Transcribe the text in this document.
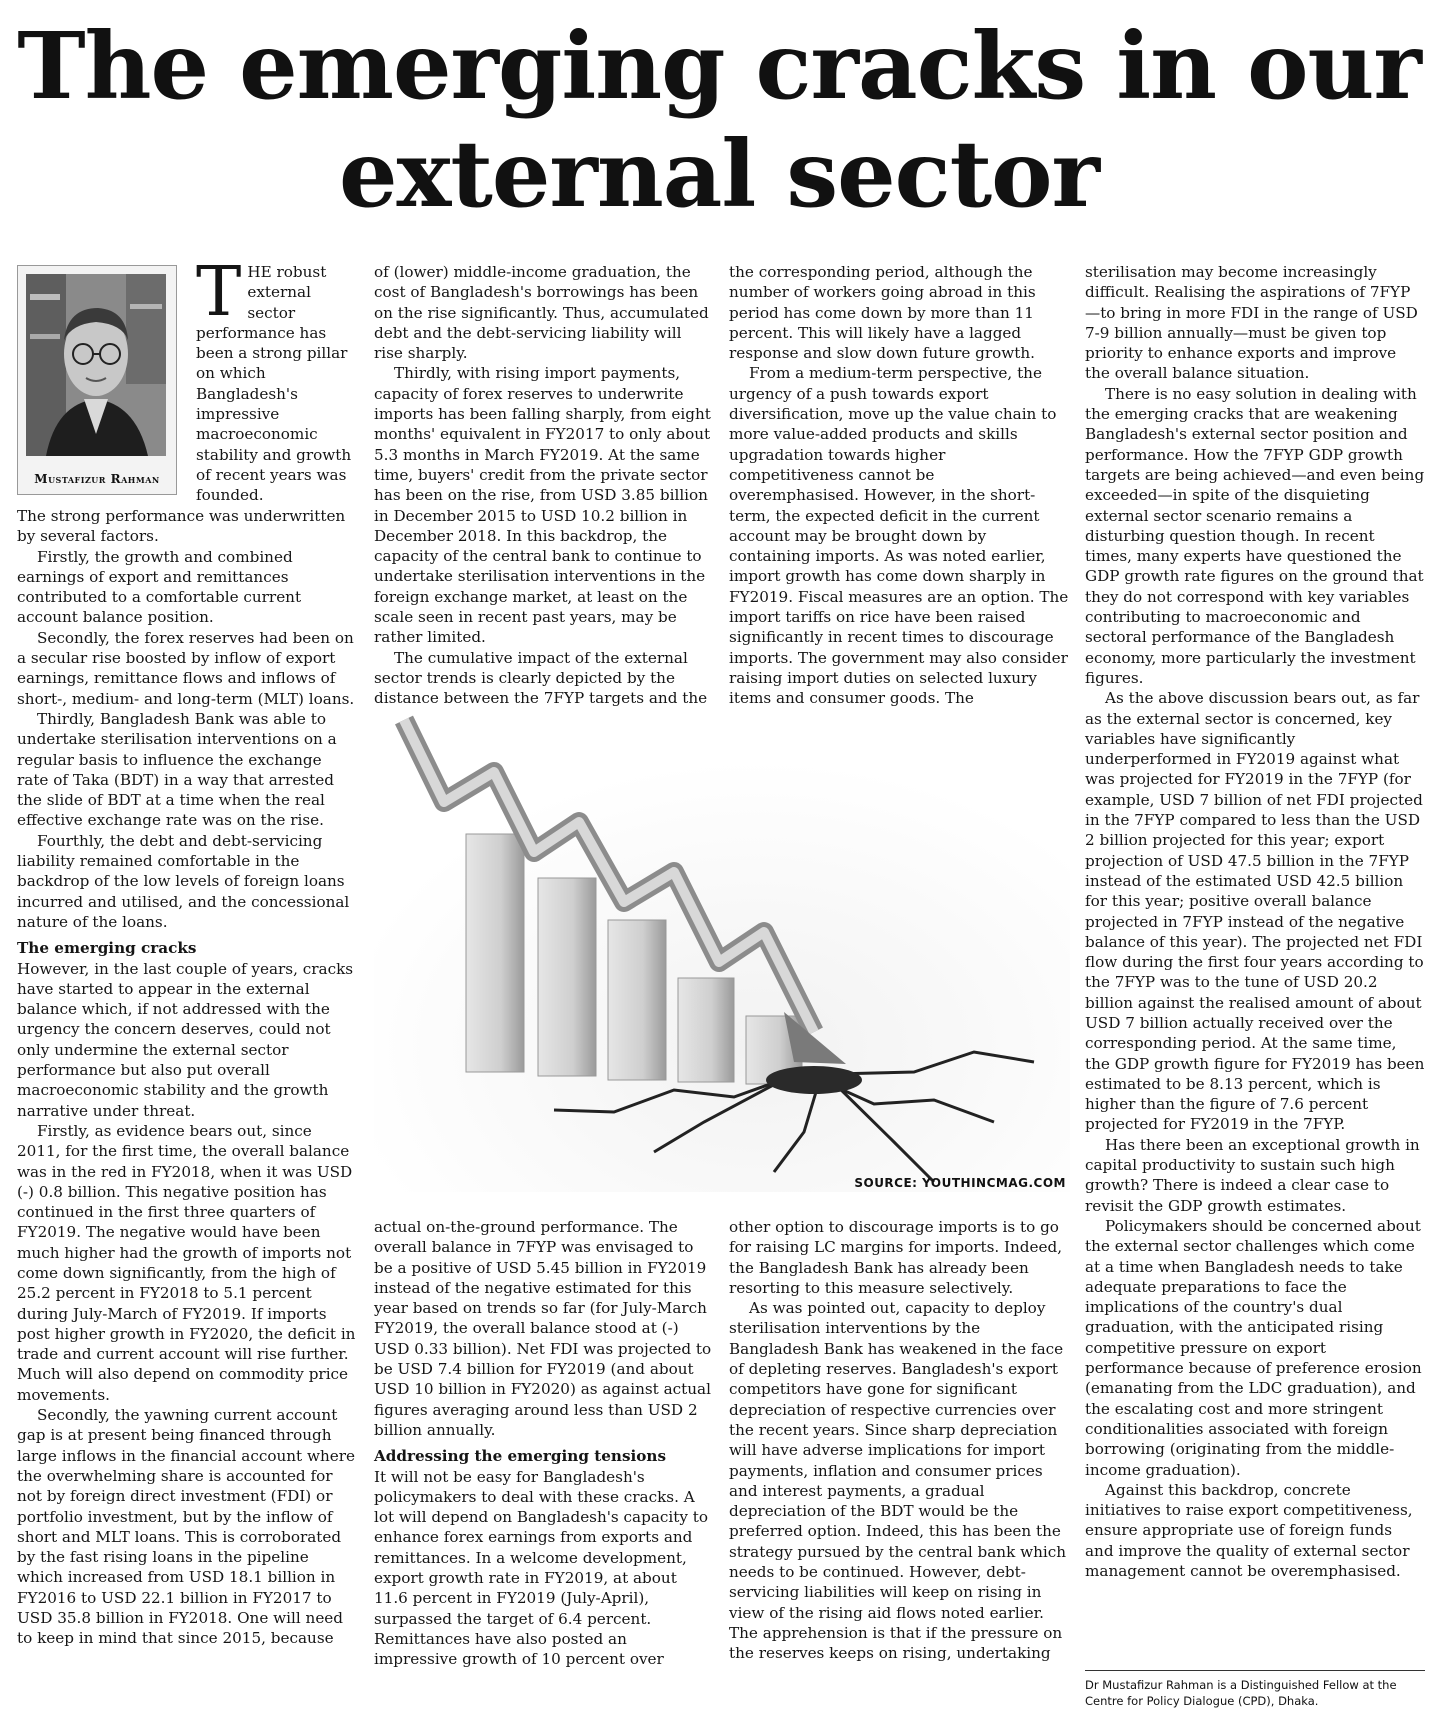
The emerging cracks in our
external sector
Mustafizur Rahman
THE robust external sector performance has been a strong pillar on which Bangladesh's impressive macroeconomic stability and growth of recent years was founded.

The strong performance was underwritten by several factors.

Firstly, the growth and combined earnings of export and remittances contributed to a comfortable current account balance position.

Secondly, the forex reserves had been on a secular rise boosted by inflow of export earnings, remittance flows and inflows of short-, medium- and long-term (MLT) loans.

Thirdly, Bangladesh Bank was able to undertake sterilisation interventions on a regular basis to influence the exchange rate of Taka (BDT) in a way that arrested the slide of BDT at a time when the real effective exchange rate was on the rise.

Fourthly, the debt and debt-servicing liability remained comfortable in the backdrop of the low levels of foreign loans incurred and utilised, and the concessional nature of the loans.

The emerging cracks

However, in the last couple of years, cracks have started to appear in the external balance which, if not addressed with the urgency the concern deserves, could not only undermine the external sector performance but also put overall macroeconomic stability and the growth narrative under threat.

Firstly, as evidence bears out, since 2011, for the first time, the overall balance was in the red in FY2018, when it was USD (-) 0.8 billion. This negative position has continued in the first three quarters of FY2019. The negative would have been much higher had the growth of imports not come down significantly, from the high of 25.2 percent in FY2018 to 5.1 percent during July-March of FY2019. If imports post higher growth in FY2020, the deficit in trade and current account will rise further. Much will also depend on commodity price movements.

Secondly, the yawning current account gap is at present being financed through large inflows in the financial account where the overwhelming share is accounted for not by foreign direct investment (FDI) or portfolio investment, but by the inflow of short and MLT loans. This is corroborated by the fast rising loans in the pipeline which increased from USD 18.1 billion in FY2016 to USD 22.1 billion in FY2017 to USD 35.8 billion in FY2018. One will need to keep in mind that since 2015, because

of (lower) middle-income graduation, the cost of Bangladesh's borrowings has been on the rise significantly. Thus, accumulated debt and the debt-servicing liability will rise sharply.

Thirdly, with rising import payments, capacity of forex reserves to underwrite imports has been falling sharply, from eight months' equivalent in FY2017 to only about 5.3 months in March FY2019. At the same time, buyers' credit from the private sector has been on the rise, from USD 3.85 billion in December 2015 to USD 10.2 billion in December 2018. In this backdrop, the capacity of the central bank to continue to undertake sterilisation interventions in the foreign exchange market, at least on the scale seen in recent past years, may be rather limited.

The cumulative impact of the external sector trends is clearly depicted by the distance between the 7FYP targets and the

the corresponding period, although the number of workers going abroad in this period has come down by more than 11 percent. This will likely have a lagged response and slow down future growth.

From a medium-term perspective, the urgency of a push towards export diversification, move up the value chain to more value-added products and skills upgradation towards higher competitiveness cannot be overemphasised. However, in the short-term, the expected deficit in the current account may be brought down by containing imports. As was noted earlier, import growth has come down sharply in FY2019. Fiscal measures are an option. The import tariffs on rice have been raised significantly in recent times to discourage imports. The government may also consider raising import duties on selected luxury items and consumer goods. The

SOURCE: YOUTHINCMAG.COM

actual on-the-ground performance. The overall balance in 7FYP was envisaged to be a positive of USD 5.45 billion in FY2019 instead of the negative estimated for this year based on trends so far (for July-March FY2019, the overall balance stood at (-) USD 0.33 billion). Net FDI was projected to be USD 7.4 billion for FY2019 (and about USD 10 billion in FY2020) as against actual figures averaging around less than USD 2 billion annually.

Addressing the emerging tensions

It will not be easy for Bangladesh's policymakers to deal with these cracks. A lot will depend on Bangladesh's capacity to enhance forex earnings from exports and remittances. In a welcome development, export growth rate in FY2019, at about 11.6 percent in FY2019 (July-April), surpassed the target of 6.4 percent. Remittances have also posted an impressive growth of 10 percent over

other option to discourage imports is to go for raising LC margins for imports. Indeed, the Bangladesh Bank has already been resorting to this measure selectively.

As was pointed out, capacity to deploy sterilisation interventions by the Bangladesh Bank has weakened in the face of depleting reserves. Bangladesh's export competitors have gone for significant depreciation of respective currencies over the recent years. Since sharp depreciation will have adverse implications for import payments, inflation and consumer prices and interest payments, a gradual depreciation of the BDT would be the preferred option. Indeed, this has been the strategy pursued by the central bank which needs to be continued. However, debt-servicing liabilities will keep on rising in view of the rising aid flows noted earlier. The apprehension is that if the pressure on the reserves keeps on rising, undertaking

sterilisation may become increasingly difficult. Realising the aspirations of 7FYP—to bring in more FDI in the range of USD 7-9 billion annually—must be given top priority to enhance exports and improve the overall balance situation.

There is no easy solution in dealing with the emerging cracks that are weakening Bangladesh's external sector position and performance. How the 7FYP GDP growth targets are being achieved—and even being exceeded—in spite of the disquieting external sector scenario remains a disturbing question though. In recent times, many experts have questioned the GDP growth rate figures on the ground that they do not correspond with key variables contributing to macroeconomic and sectoral performance of the Bangladesh economy, more particularly the investment figures.

As the above discussion bears out, as far as the external sector is concerned, key variables have significantly underperformed in FY2019 against what was projected for FY2019 in the 7FYP (for example, USD 7 billion of net FDI projected in the 7FYP compared to less than the USD 2 billion projected for this year; export projection of USD 47.5 billion in the 7FYP instead of the estimated USD 42.5 billion for this year; positive overall balance projected in 7FYP instead of the negative balance of this year). The projected net FDI flow during the first four years according to the 7FYP was to the tune of USD 20.2 billion against the realised amount of about USD 7 billion actually received over the corresponding period. At the same time, the GDP growth figure for FY2019 has been estimated to be 8.13 percent, which is higher than the figure of 7.6 percent projected for FY2019 in the 7FYP.

Has there been an exceptional growth in capital productivity to sustain such high growth? There is indeed a clear case to revisit the GDP growth estimates.

Policymakers should be concerned about the external sector challenges which come at a time when Bangladesh needs to take adequate preparations to face the implications of the country's dual graduation, with the anticipated rising competitive pressure on export performance because of preference erosion (emanating from the LDC graduation), and the escalating cost and more stringent conditionalities associated with foreign borrowing (originating from the middle-income graduation).

Against this backdrop, concrete initiatives to raise export competitiveness, ensure appropriate use of foreign funds and improve the quality of external sector management cannot be overemphasised.

Dr Mustafizur Rahman is a Distinguished Fellow at the Centre for Policy Dialogue (CPD), Dhaka.
